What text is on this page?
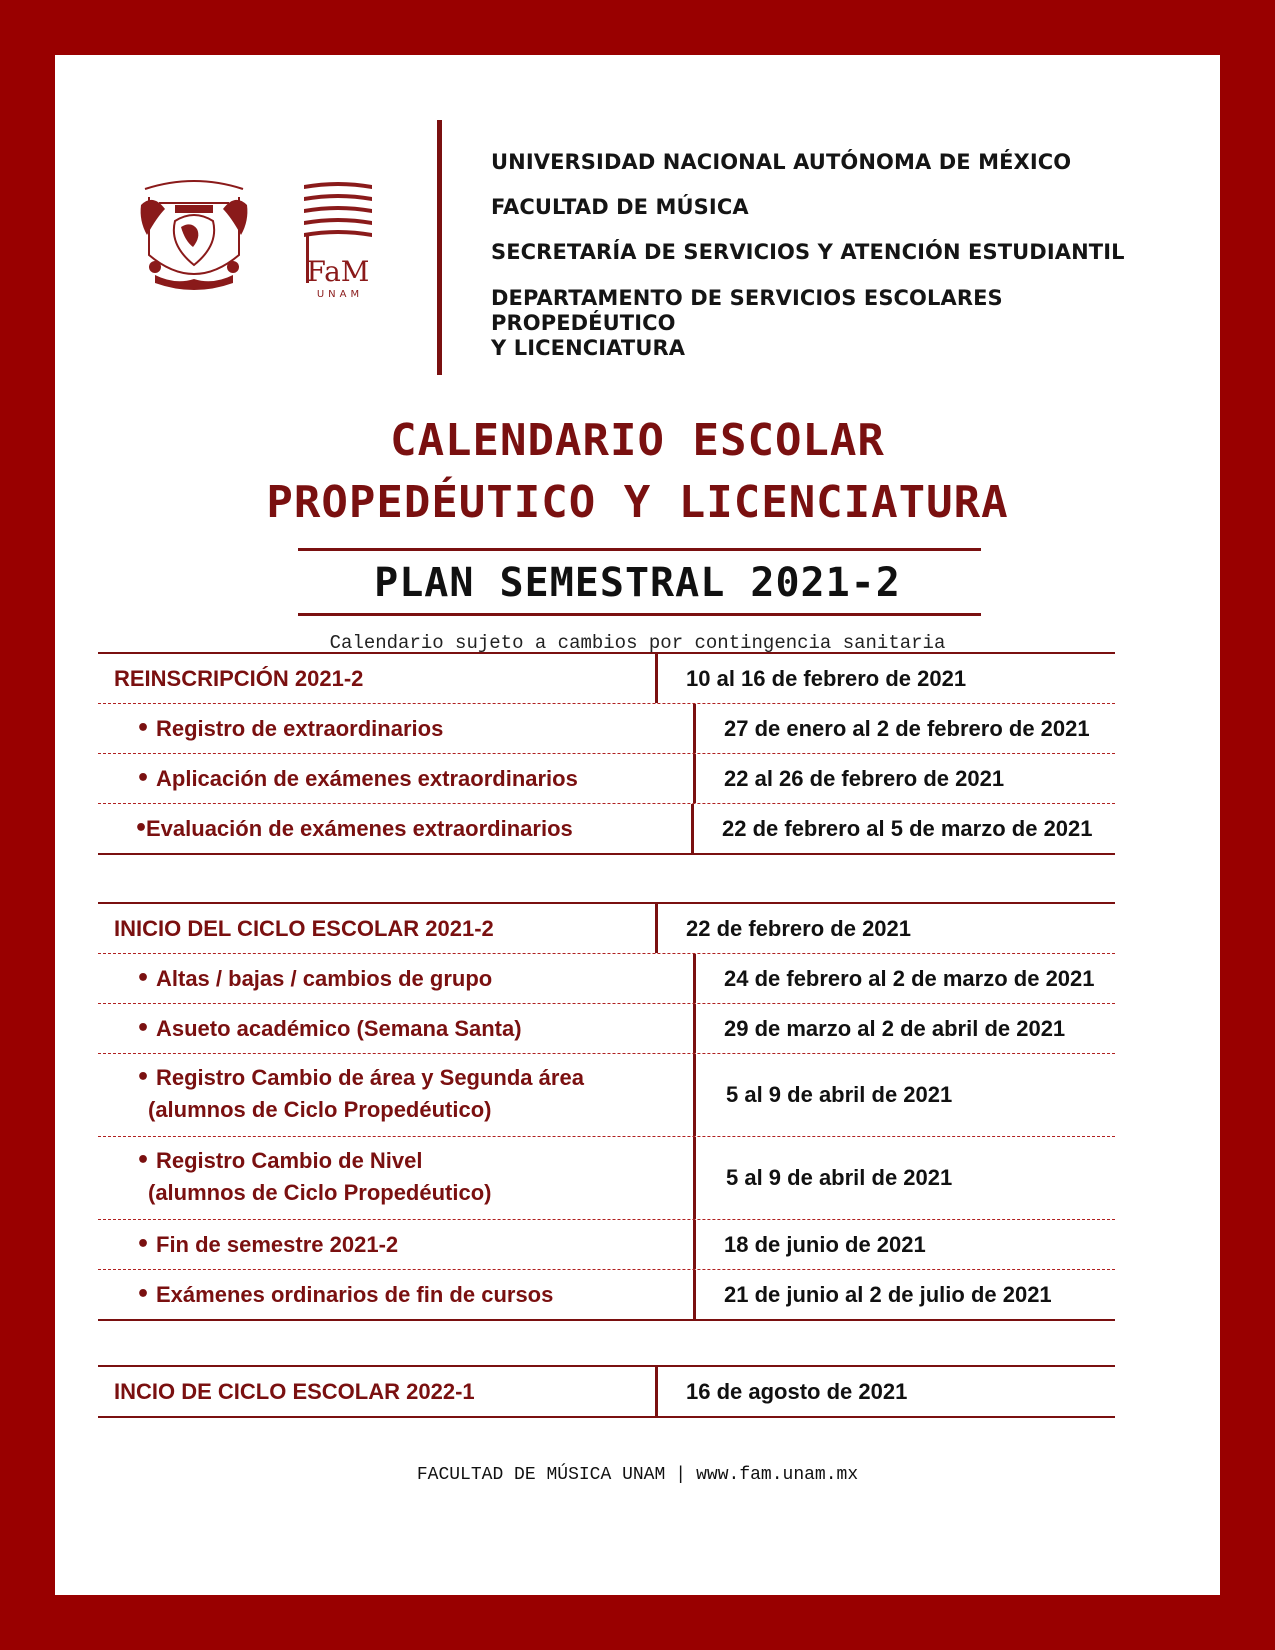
FaM
UNAM
UNIVERSIDAD NACIONAL AUTÓNOMA DE MÉXICO
FACULTAD DE MÚSICA
SECRETARÍA DE SERVICIOS Y ATENCIÓN ESTUDIANTIL
DEPARTAMENTO DE SERVICIOS ESCOLARES PROPEDÉUTICO
Y LICENCIATURA
CALENDARIO ESCOLAR
PROPEDÉUTICO Y LICENCIATURA
PLAN SEMESTRAL 2021-2
Calendario sujeto a cambios por contingencia sanitaria
REINSCRIPCIÓN 2021-2	10 al 16 de febrero de 2021
• Registro de extraordinarios	27 de enero al 2 de febrero de 2021
• Aplicación de exámenes extraordinarios	22 al 26 de febrero de 2021
•
Evaluación de exámenes extraordinarios	22 de febrero al 5 de marzo de 2021
INICIO DEL CICLO ESCOLAR 2021-2	22 de febrero de 2021
• Altas / bajas / cambios de grupo	24 de febrero al 2 de marzo de 2021
• Asueto académico (Semana Santa)	29 de marzo al 2 de abril de 2021
• Registro Cambio de área y Segunda área
(alumnos de Ciclo Propedéutico)
5 al 9 de abril de 2021
• Registro Cambio de Nivel
(alumnos de Ciclo Propedéutico)
5 al 9 de abril de 2021
• Fin de semestre 2021-2	18 de junio de 2021
• Exámenes ordinarios de fin de cursos	21 de junio al 2 de julio de 2021
INCIO DE CICLO ESCOLAR 2022-1	16 de agosto de 2021
FACULTAD DE MÚSICA UNAM | www.fam.unam.mx
